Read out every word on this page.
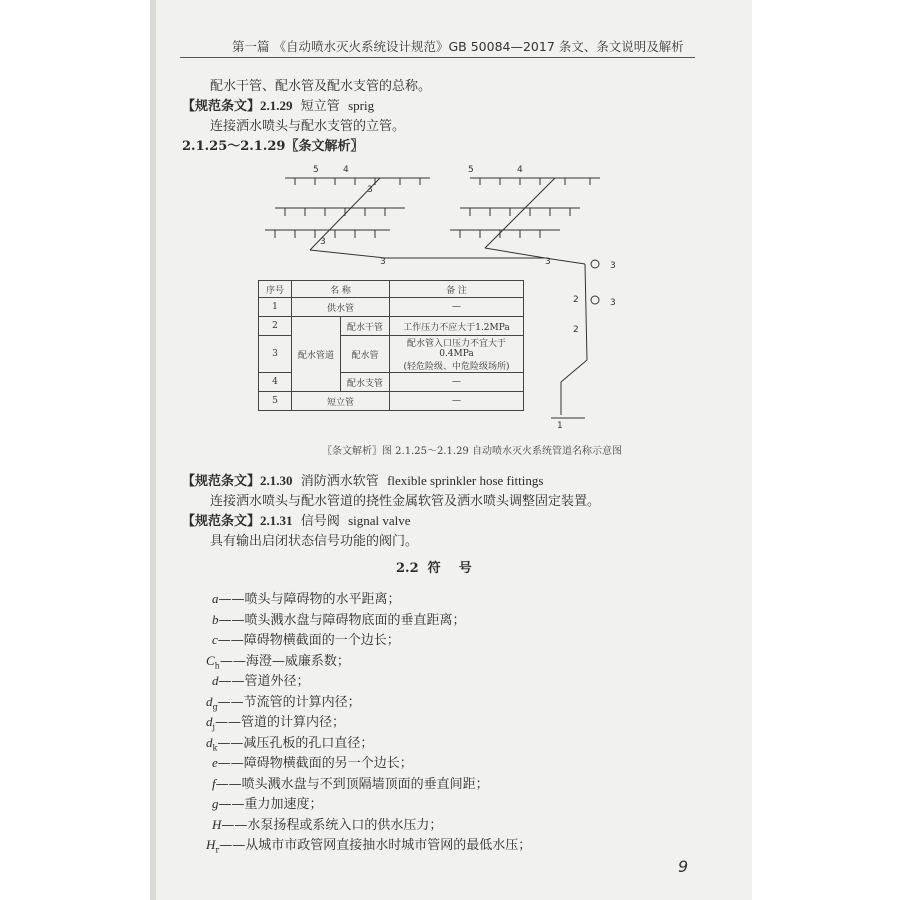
第一篇 《自动喷水灭火系统设计规范》GB 50084—2017 条文、条文说明及解析
配水干管、配水管及配水支管的总称。
【规范条文】2.1.29 短立管 sprig
连接洒水喷头与配水支管的立管。
2.1.25～2.1.29〖条文解析〗
5	4
3
3
3
5	4
3	3
2
2
3
1
序号	名 称		备 注
1	供水管		—
2	配水管道	配水干管	工作压力不应大于1.2MPa
3		配水管	配水管入口压力不宜大于0.4MPa
(轻危险级、中危险级场所)

4		配水支管	—
5	短立管		—
〖条文解析〗图 2.1.25～2.1.29 自动喷水灭火系统管道名称示意图
【规范条文】2.1.30 消防洒水软管 flexible sprinkler hose fittings
连接洒水喷头与配水管道的挠性金属软管及洒水喷头调整固定装置。
【规范条文】2.1.31 信号阀 signal valve
具有输出启闭状态信号功能的阀门。
2.2  符    号
a——喷头与障碍物的水平距离；
b——喷头溅水盘与障碍物底面的垂直距离；
c——障碍物横截面的一个边长；
$C_h——$海澄—威廉系数；
d——管道外径；
$d_g——$节流管的计算内径；
$d_j——$管道的计算内径；
$d_k——$减压孔板的孔口直径；
e——障碍物横截面的另一个边长；
f——喷头溅水盘与不到顶隔墙顶面的垂直间距；
g——重力加速度；
H——水泵扬程或系统入口的供水压力；
$H_r——$从城市市政管网直接抽水时城市管网的最低水压；
9
